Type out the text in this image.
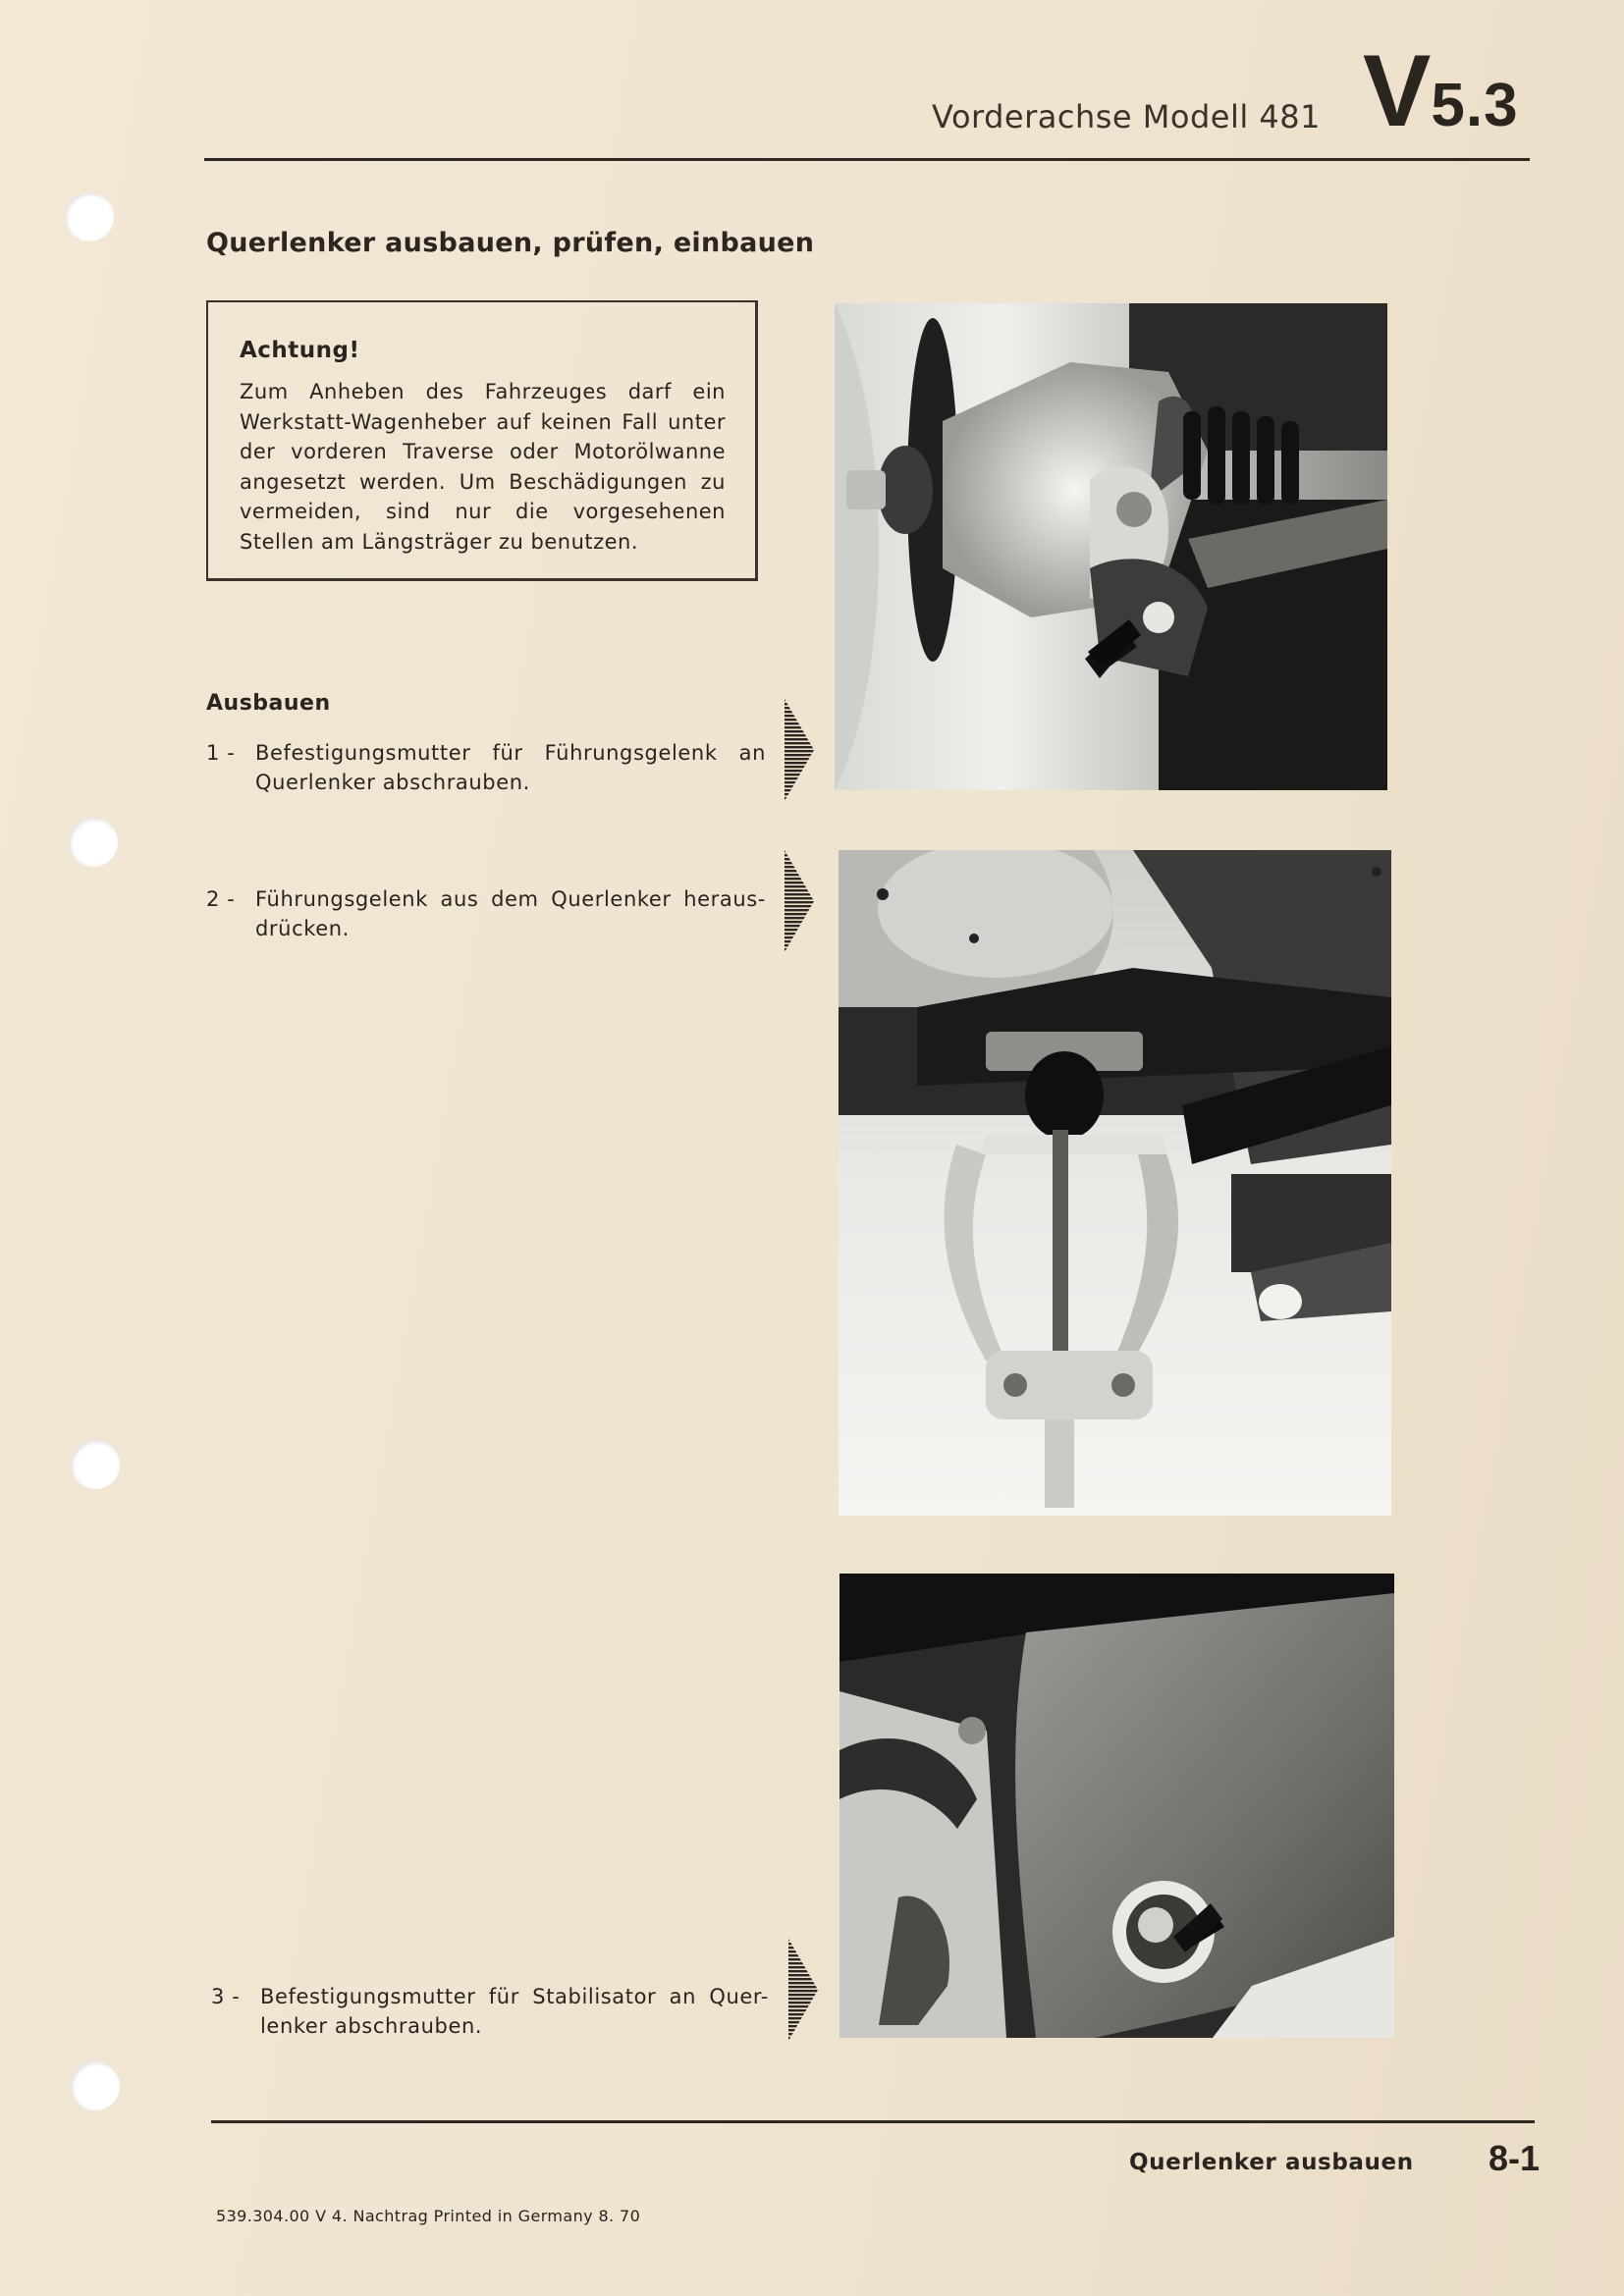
Vorderachse Modell 481 V5.3
Querlenker ausbauen, prüfen, einbauen
Achtung!
Zum Anheben des Fahrzeuges darf ein Werkstatt-Wagenheber auf keinen Fall unter der vorderen Traverse oder Motorölwanne angesetzt werden. Um Beschädigungen zu vermeiden, sind nur die vorgesehenen Stellen am Längsträger zu benutzen.
Ausbauen
1 - Befestigungsmutter für Führungsgelenk an Querlenker abschrauben.
2 - Führungsgelenk aus dem Querlenker heraus-drücken.
3 - Befestigungsmutter für Stabilisator an Quer-lenker abschrauben.
Querlenker ausbauen 8-1
539.304.00 V 4. Nachtrag Printed in Germany 8. 70
